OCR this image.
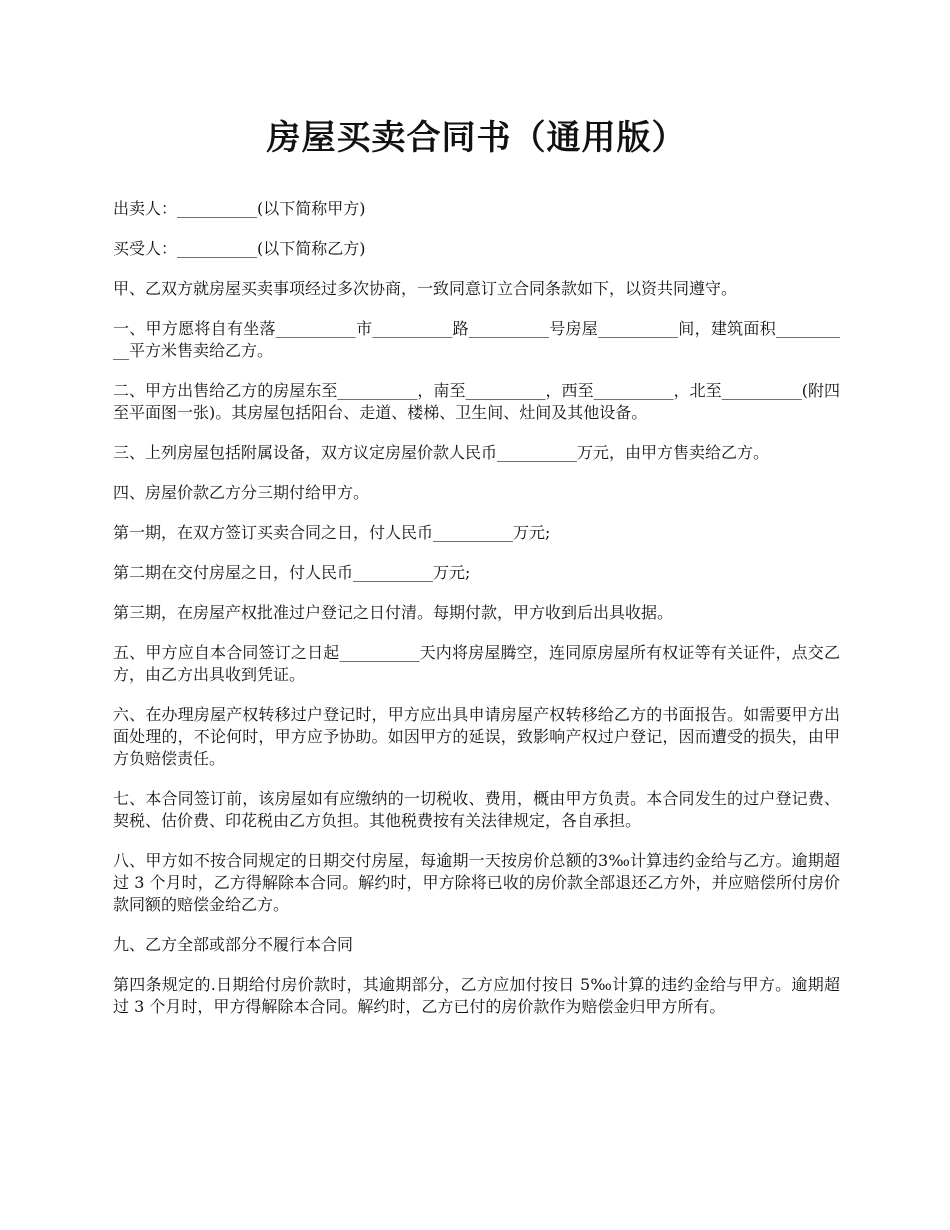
房屋买卖合同书（通用版）

出卖人：__________(以下简称甲方)

买受人：__________(以下简称乙方)

甲、乙双方就房屋买卖事项经过多次协商，一致同意订立合同条款如下，以资共同遵守。

一、甲方愿将自有坐落__________市__________路__________号房屋__________间，建筑面积__________平方米售卖给乙方。

二、甲方出售给乙方的房屋东至__________，南至__________，西至__________，北至__________(附四至平面图一张)。其房屋包括阳台、走道、楼梯、卫生间、灶间及其他设备。

三、上列房屋包括附属设备，双方议定房屋价款人民币__________万元，由甲方售卖给乙方。

四、房屋价款乙方分三期付给甲方。

第一期，在双方签订买卖合同之日，付人民币__________万元;

第二期在交付房屋之日，付人民币__________万元;

第三期，在房屋产权批准过户登记之日付清。每期付款，甲方收到后出具收据。

五、甲方应自本合同签订之日起__________天内将房屋腾空，连同原房屋所有权证等有关证件，点交乙方，由乙方出具收到凭证。

六、在办理房屋产权转移过户登记时，甲方应出具申请房屋产权转移给乙方的书面报告。如需要甲方出面处理的，不论何时，甲方应予协助。如因甲方的延误，致影响产权过户登记，因而遭受的损失，由甲方负赔偿责任。

七、本合同签订前，该房屋如有应缴纳的一切税收、费用，概由甲方负责。本合同发生的过户登记费、契税、估价费、印花税由乙方负担。其他税费按有关法律规定，各自承担。

八、甲方如不按合同规定的日期交付房屋，每逾期一天按房价总额的3‰计算违约金给与乙方。逾期超过 3 个月时，乙方得解除本合同。解约时，甲方除将已收的房价款全部退还乙方外，并应赔偿所付房价款同额的赔偿金给乙方。

九、乙方全部或部分不履行本合同

第四条规定的.日期给付房价款时，其逾期部分，乙方应加付按日 5‰计算的违约金给与甲方。逾期超过 3 个月时，甲方得解除本合同。解约时，乙方已付的房价款作为赔偿金归甲方所有。
